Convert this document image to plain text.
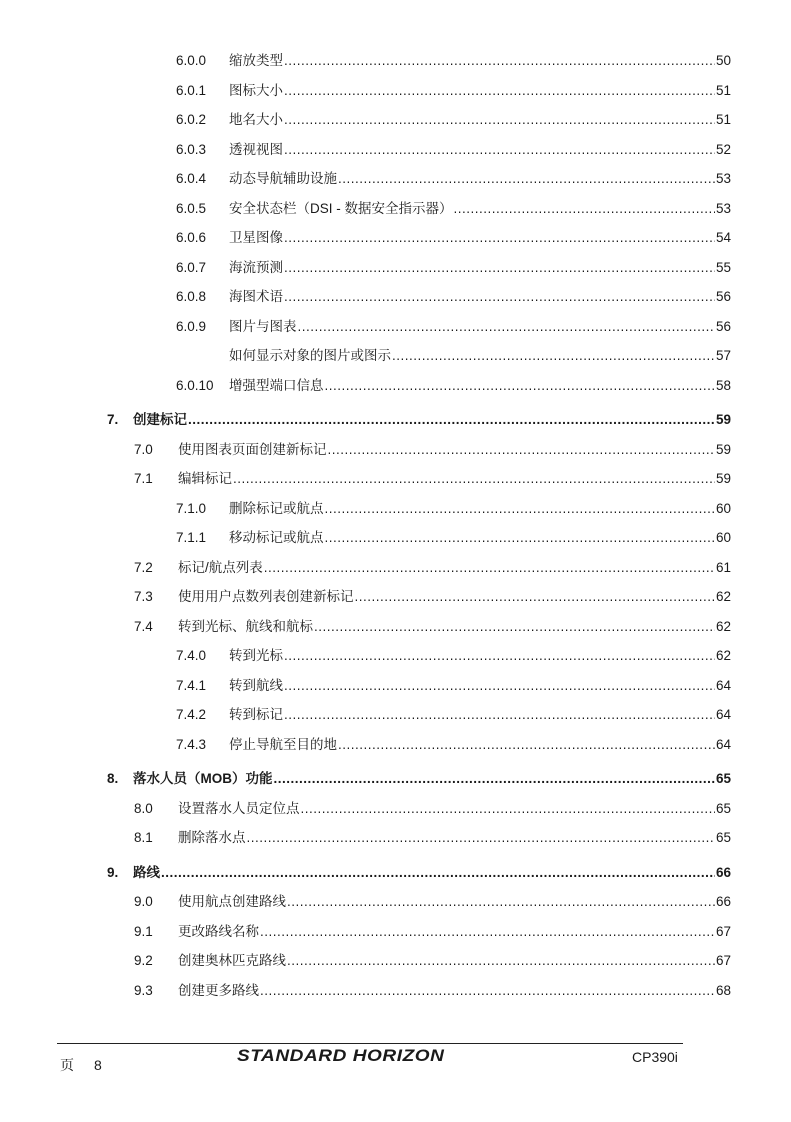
6.0.0	缩放类型 .....	50
6.0.1	图标大小 .....	51
6.0.2	地名大小 .....	51
6.0.3	透视视图 .....	52
6.0.4	动态导航辅助设施 .....	53
6.0.5	安全状态栏（DSI - 数据安全指示器） .....	53
6.0.6	卫星图像 .....	54
6.0.7	海流预测 .....	55
6.0.8	海图术语 .....	56
6.0.9	图片与图表 .....	56
如何显示对象的图片或图示 .....	57
6.0.10	增强型端口信息 .....	58
7.	创建标记 .....	59
7.0	使用图表页面创建新标记 .....	59
7.1	编辑标记 .....	59
7.1.0	删除标记或航点 .....	60
7.1.1	移动标记或航点 .....	60
7.2	标记/航点列表 .....	61
7.3	使用用户点数列表创建新标记 .....	62
7.4	转到光标、航线和航标 .....	62
7.4.0	转到光标 .....	62
7.4.1	转到航线 .....	64
7.4.2	转到标记 .....	64
7.4.3	停止导航至目的地 .....	64
8.	落水人员（MOB）功能 .....	65
8.0	设置落水人员定位点 .....	65
8.1	删除落水点 .....	65
9.	路线 .....	66
9.0	使用航点创建路线 .....	66
9.1	更改路线名称 .....	67
9.2	创建奥林匹克路线 .....	67
9.3	创建更多路线 .....	68
页 8	STANDARD HORIZON	CP390i
